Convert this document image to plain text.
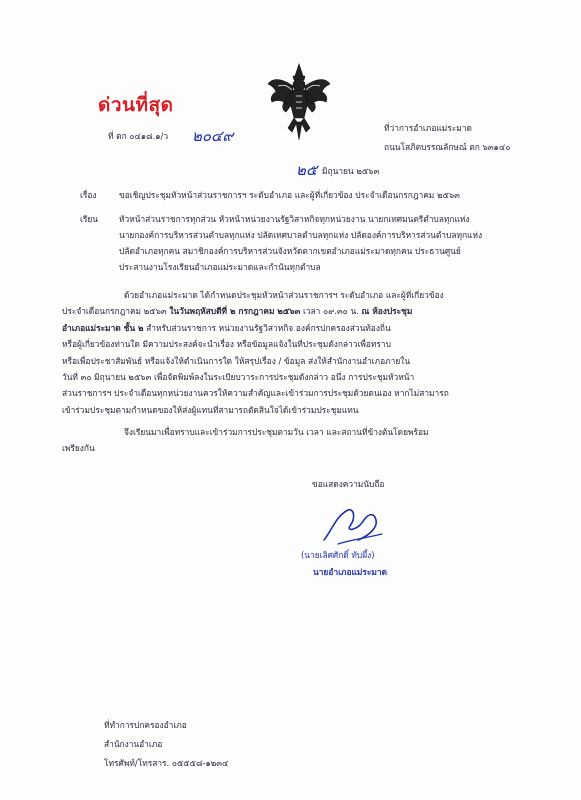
ด่วนที่สุด
ที่ ตก ๐๔๑๘.๑/ว ๒๐๔๙	ที่ว่าการอำเภอแม่ระมาด
ถนนโสภิตบรรณลักษณ์ ตก ๖๓๑๔๐
๒๕ มิถุนายน ๒๕๖๓
เรื่อง	ขอเชิญประชุมหัวหน้าส่วนราชการฯ ระดับอำเภอ และผู้ที่เกี่ยวข้อง ประจำเดือนกรกฎาคม ๒๕๖๓
เรียน	หัวหน้าส่วนราชการทุกส่วน หัวหน้าหน่วยงานรัฐวิสาหกิจทุกหน่วยงาน นายกเทศมนตรีตำบลทุกแห่ง
นายกองค์การบริหารส่วนตำบลทุกแห่ง ปลัดเทศบาลตำบลทุกแห่ง ปลัดองค์การบริหารส่วนตำบลทุกแห่ง
ปลัดอำเภอทุกคน สมาชิกองค์การบริหารส่วนจังหวัดตากเขตอำเภอแม่ระมาดทุกคน ประธานศูนย์
ประสานงานโรงเรียนอำเภอแม่ระมาดและกำนันทุกตำบล
ด้วยอำเภอแม่ระมาด ได้กำหนดประชุมหัวหน้าส่วนราชการฯ ระดับอำเภอ และผู้ที่เกี่ยวข้อง
ประจำเดือนกรกฎาคม ๒๕๖๓ ในวันพฤหัสบดีที่ ๒ กรกฎาคม ๒๕๖๓ เวลา ๐๙.๓๐ น. ณ ห้องประชุม
อำเภอแม่ระมาด ชั้น ๒ สำหรับส่วนราชการ หน่วยงานรัฐวิสาหกิจ องค์กรปกครองส่วนท้องถิ่น
หรือผู้เกี่ยวข้องท่านใด มีความประสงค์จะนำเรื่อง หรือข้อมูลแจ้งในที่ประชุมดังกล่าวเพื่อทราบ
หรือเพื่อประชาสัมพันธ์ หรือแจ้งให้ดำเนินการใด ให้สรุปเรื่อง / ข้อมูล ส่งให้สำนักงานอำเภอภายใน
วันที่ ๓๐ มิถุนายน ๒๕๖๓ เพื่อจัดพิมพ์ลงในระเบียบวาระการประชุมดังกล่าว อนึ่ง การประชุมหัวหน้า
ส่วนราชการฯ ประจำเดือนทุกหน่วยงานควรให้ความสำคัญและเข้าร่วมการประชุมด้วยตนเอง หากไม่สามารถ
เข้าร่วมประชุมตามกำหนดของให้ส่งผู้แทนที่สามารถตัดสินใจได้เข้าร่วมประชุมแทน
จึงเรียนมาเพื่อทราบและเข้าร่วมการประชุมตามวัน เวลา และสถานที่ข้างต้นโดยพร้อม
เพรียงกัน
ขอแสดงความนับถือ
(นายเลิศศักดิ์ ทับผึ้ง)
นายอำเภอแม่ระมาด
ที่ทำการปกครองอำเภอ
สำนักงานอำเภอ
โทรศัพท์/โทรสาร. ๐๕๕๕๘-๑๒๓๔
